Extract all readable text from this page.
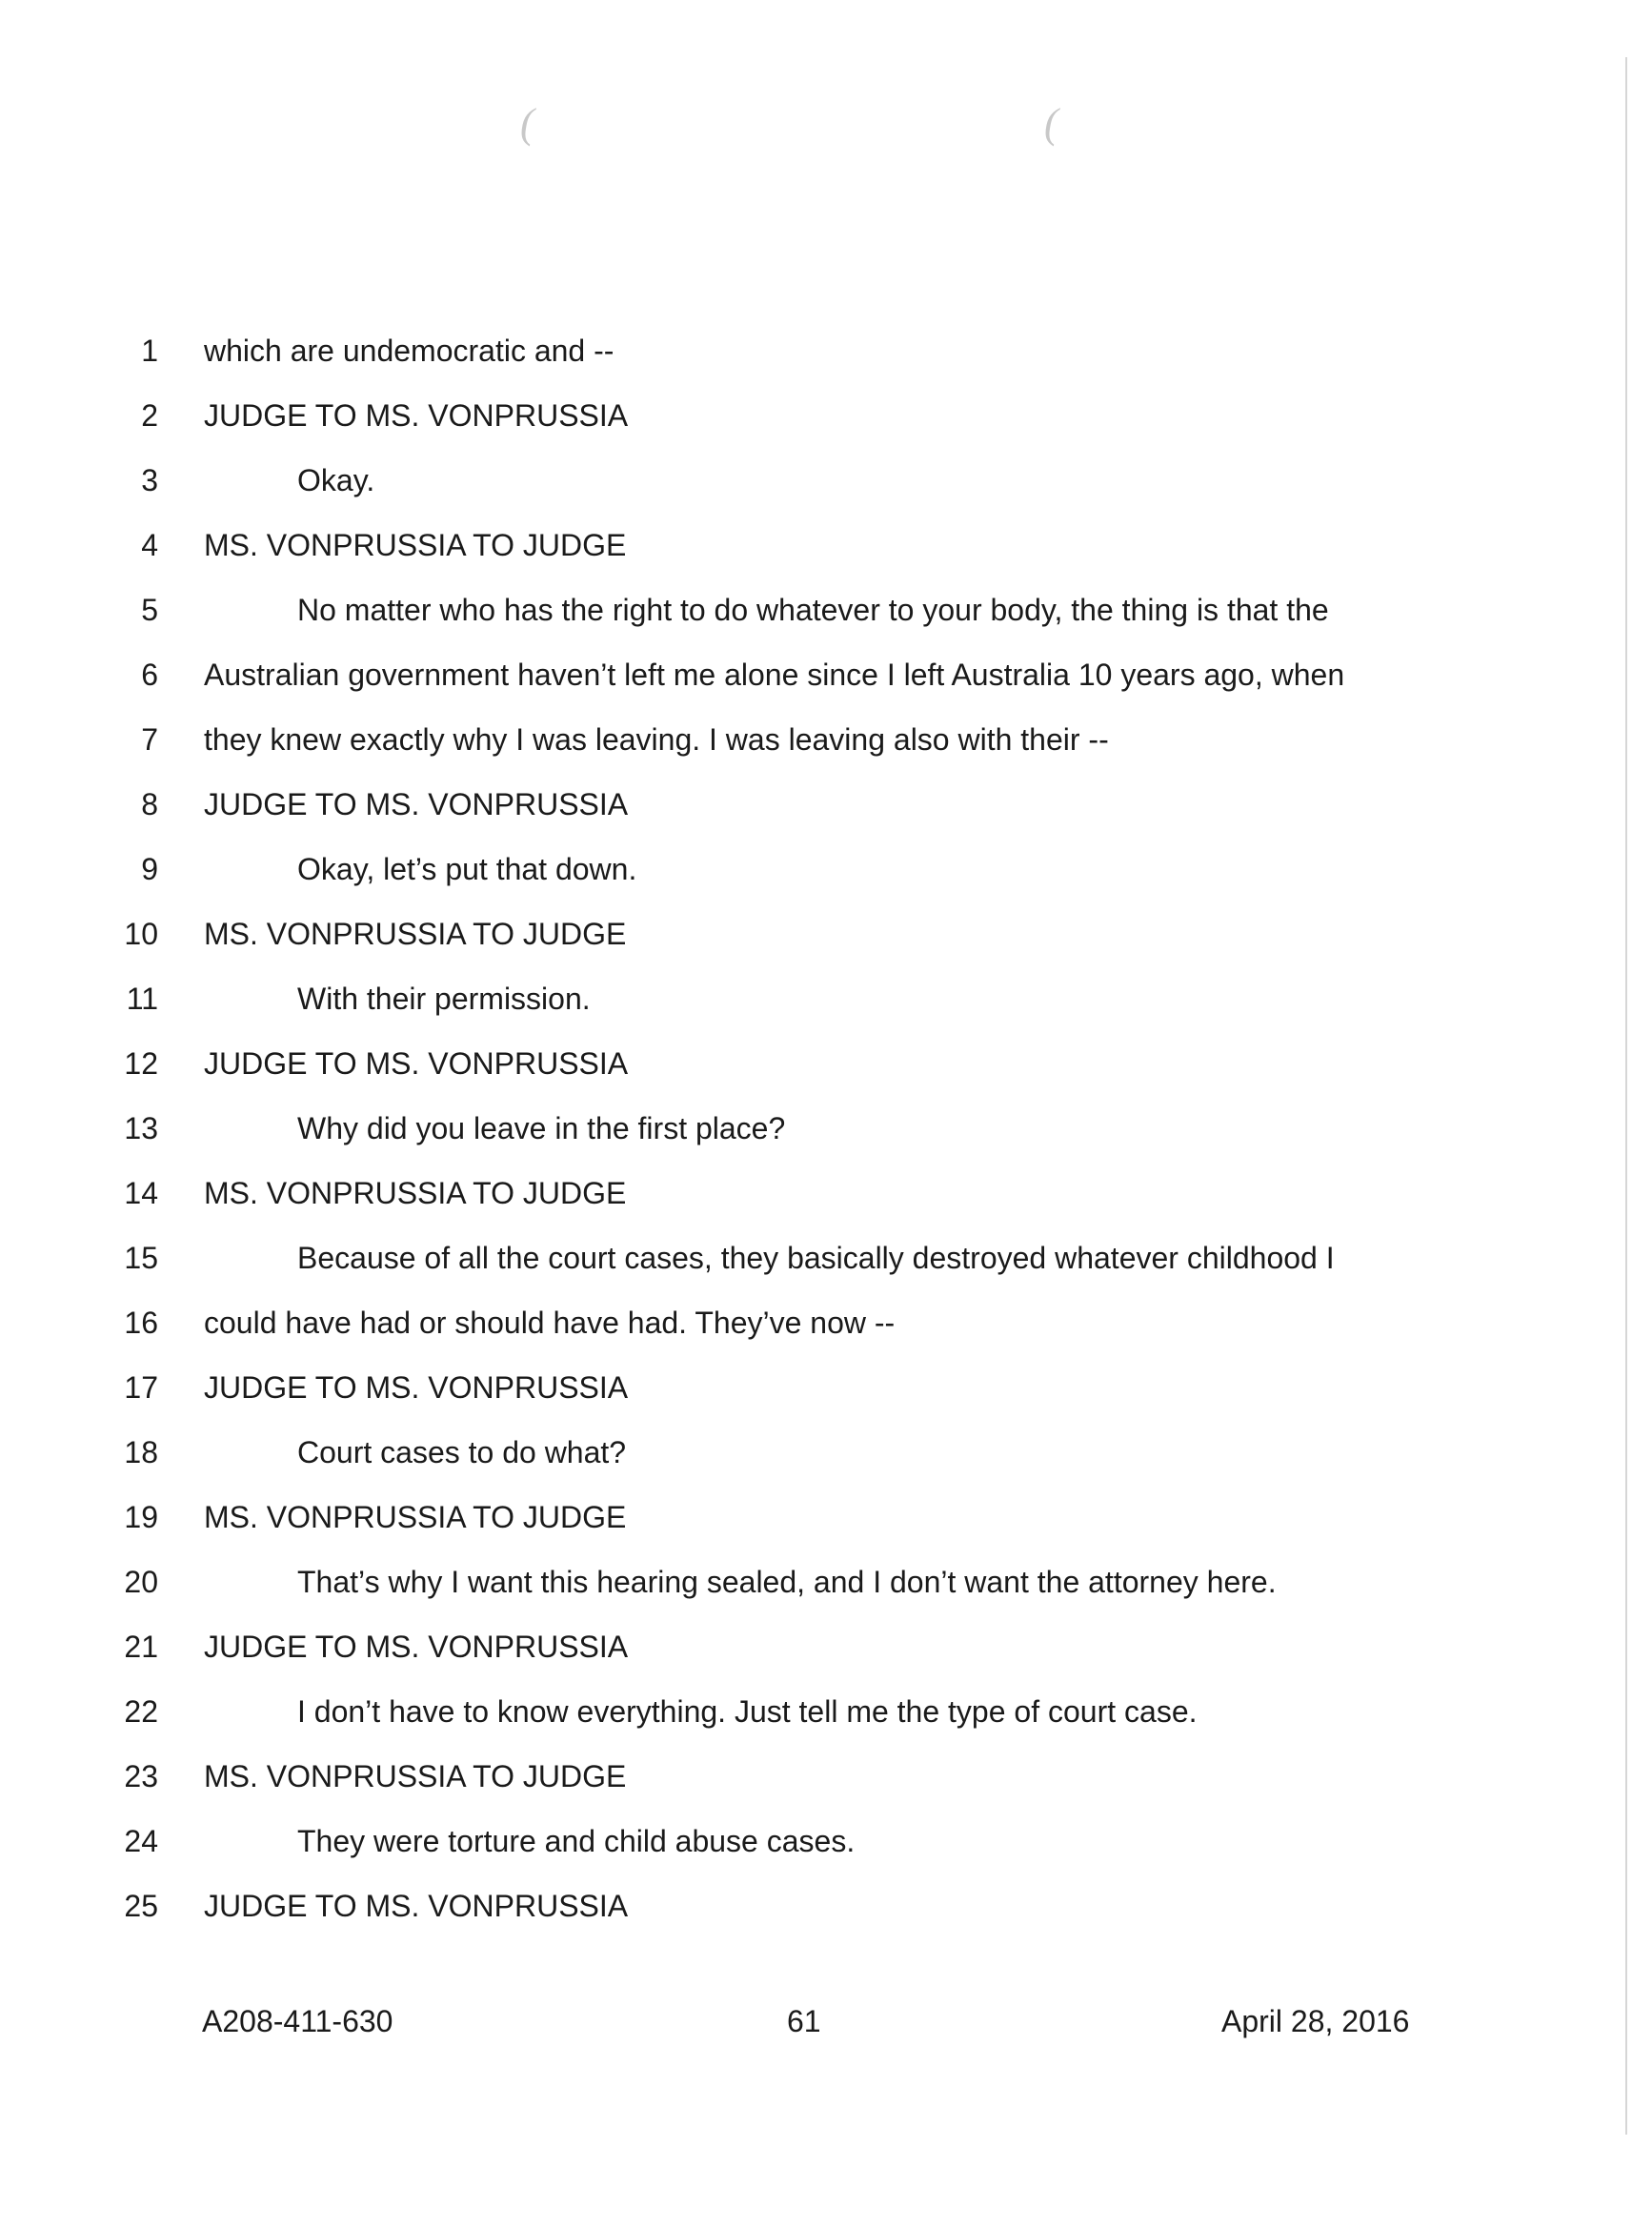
(	(
1 which are undemocratic and --
2 JUDGE TO MS. VONPRUSSIA
3	Okay.
4 MS. VONPRUSSIA TO JUDGE
5	No matter who has the right to do whatever to your body, the thing is that the
6 Australian government haven’t left me alone since I left Australia 10 years ago, when
7 they knew exactly why I was leaving. I was leaving also with their --
8 JUDGE TO MS. VONPRUSSIA
9	Okay, let’s put that down.
10 MS. VONPRUSSIA TO JUDGE
11	With their permission.
12 JUDGE TO MS. VONPRUSSIA
13	Why did you leave in the first place?
14 MS. VONPRUSSIA TO JUDGE
15	Because of all the court cases, they basically destroyed whatever childhood I
16 could have had or should have had. They’ve now --
17 JUDGE TO MS. VONPRUSSIA
18	Court cases to do what?
19 MS. VONPRUSSIA TO JUDGE
20	That’s why I want this hearing sealed, and I don’t want the attorney here.
21 JUDGE TO MS. VONPRUSSIA
22	I don’t have to know everything. Just tell me the type of court case.
23 MS. VONPRUSSIA TO JUDGE
24	They were torture and child abuse cases.
25 JUDGE TO MS. VONPRUSSIA
A208-411-630	61	April 28, 2016
